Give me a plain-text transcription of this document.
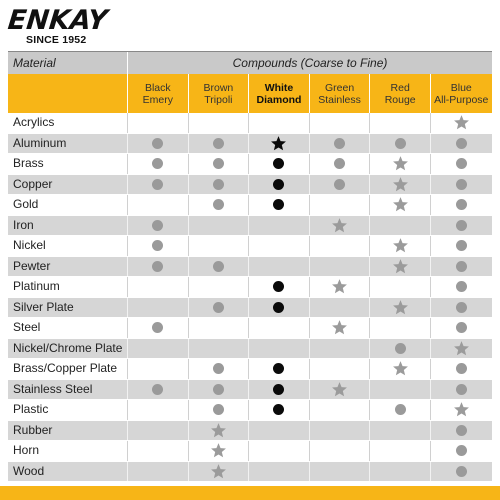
ENKAY
SINCE 1952
Material	Compounds (Coarse to Fine)
Black
Emery
Brown
Tripoli
White
Diamond
Green
Stainless
Red
Rouge
Blue
All-Purpose
Acrylics
Aluminum
Brass
Copper
Gold
Iron
Nickel
Pewter
Platinum
Silver Plate
Steel
Nickel/Chrome Plate
Brass/Copper Plate
Stainless Steel
Plastic
Rubber
Horn
Wood
